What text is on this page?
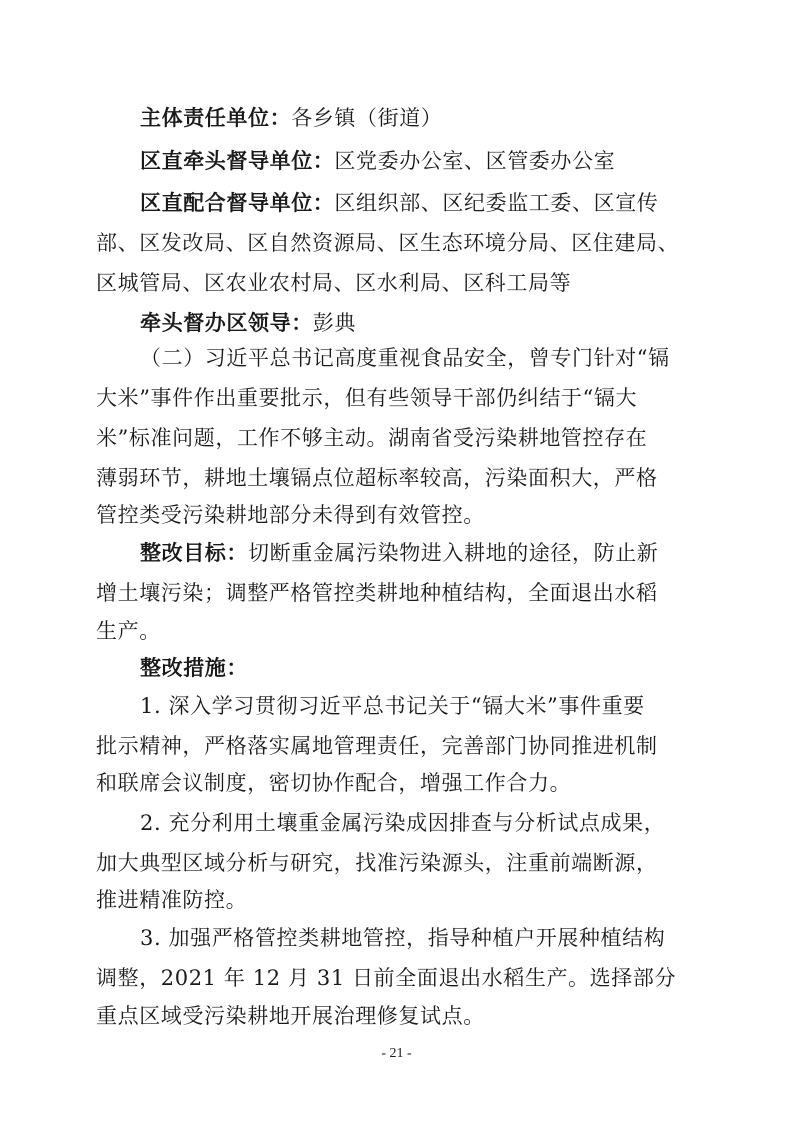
主体责任单位：各乡镇（街道）
区直牵头督导单位：区党委办公室、区管委办公室
区直配合督导单位：区组织部、区纪委监工委、区宣传
部、区发改局、区自然资源局、区生态环境分局、区住建局、
区城管局、区农业农村局、区水利局、区科工局等
牵头督办区领导：彭典
（二）习近平总书记高度重视食品安全，曾专门针对“镉
大米”事件作出重要批示，但有些领导干部仍纠结于“镉大
米”标准问题，工作不够主动。湖南省受污染耕地管控存在
薄弱环节，耕地土壤镉点位超标率较高，污染面积大，严格
管控类受污染耕地部分未得到有效管控。
整改目标：切断重金属污染物进入耕地的途径，防止新
增土壤污染；调整严格管控类耕地种植结构，全面退出水稻
生产。
整改措施：
1. 深入学习贯彻习近平总书记关于“镉大米”事件重要
批示精神，严格落实属地管理责任，完善部门协同推进机制
和联席会议制度，密切协作配合，增强工作合力。
2. 充分利用土壤重金属污染成因排查与分析试点成果，
加大典型区域分析与研究，找准污染源头，注重前端断源，
推进精准防控。
3. 加强严格管控类耕地管控，指导种植户开展种植结构
调整，2021 年 12 月 31 日前全面退出水稻生产。选择部分
重点区域受污染耕地开展治理修复试点。
- 21 -
